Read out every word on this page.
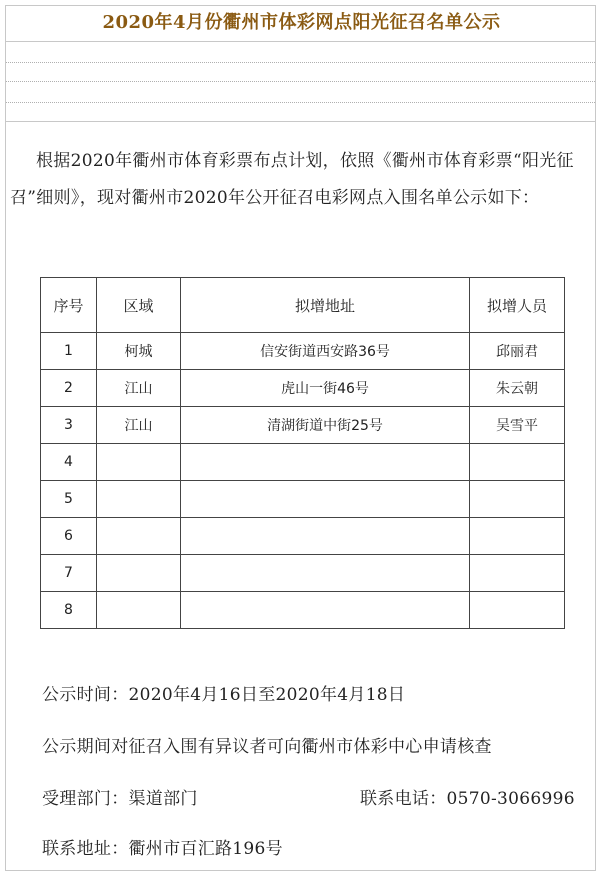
2020年4月份衢州市体彩网点阳光征召名单公示
根据2020年衢州市体育彩票布点计划，依照《衢州市体育彩票“阳光征召”细则》，现对衢州市2020年公开征召电彩网点入围名单公示如下：
序号	区域	拟增地址	拟增人员
1	柯城	信安街道西安路36号	邱丽君
2	江山	虎山一街46号	朱云朝
3	江山	清湖街道中街25号	吴雪平
4			
5			
6			
7			
8			
公示时间：2020年4月16日至2020年4月18日
公示期间对征召入围有异议者可向衢州市体彩中心申请核查
受理部门：渠道部门	联系电话：0570-3066996
联系地址：衢州市百汇路196号
